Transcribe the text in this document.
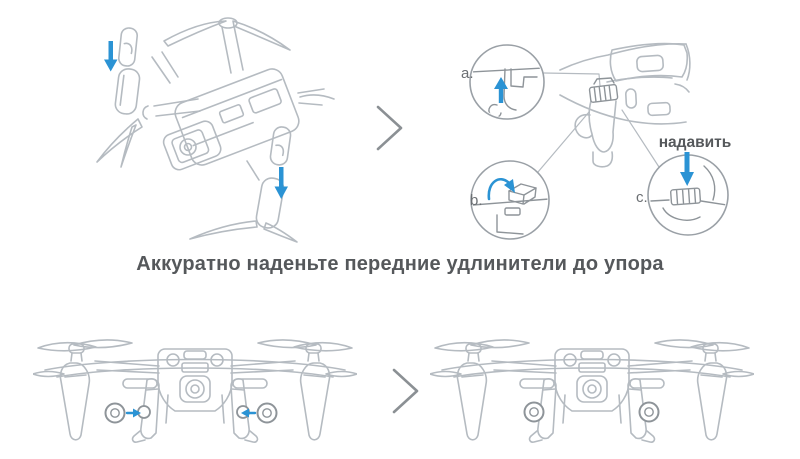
a.
b.	c.
надавить
Аккуратно наденьте передние удлинители до упора
